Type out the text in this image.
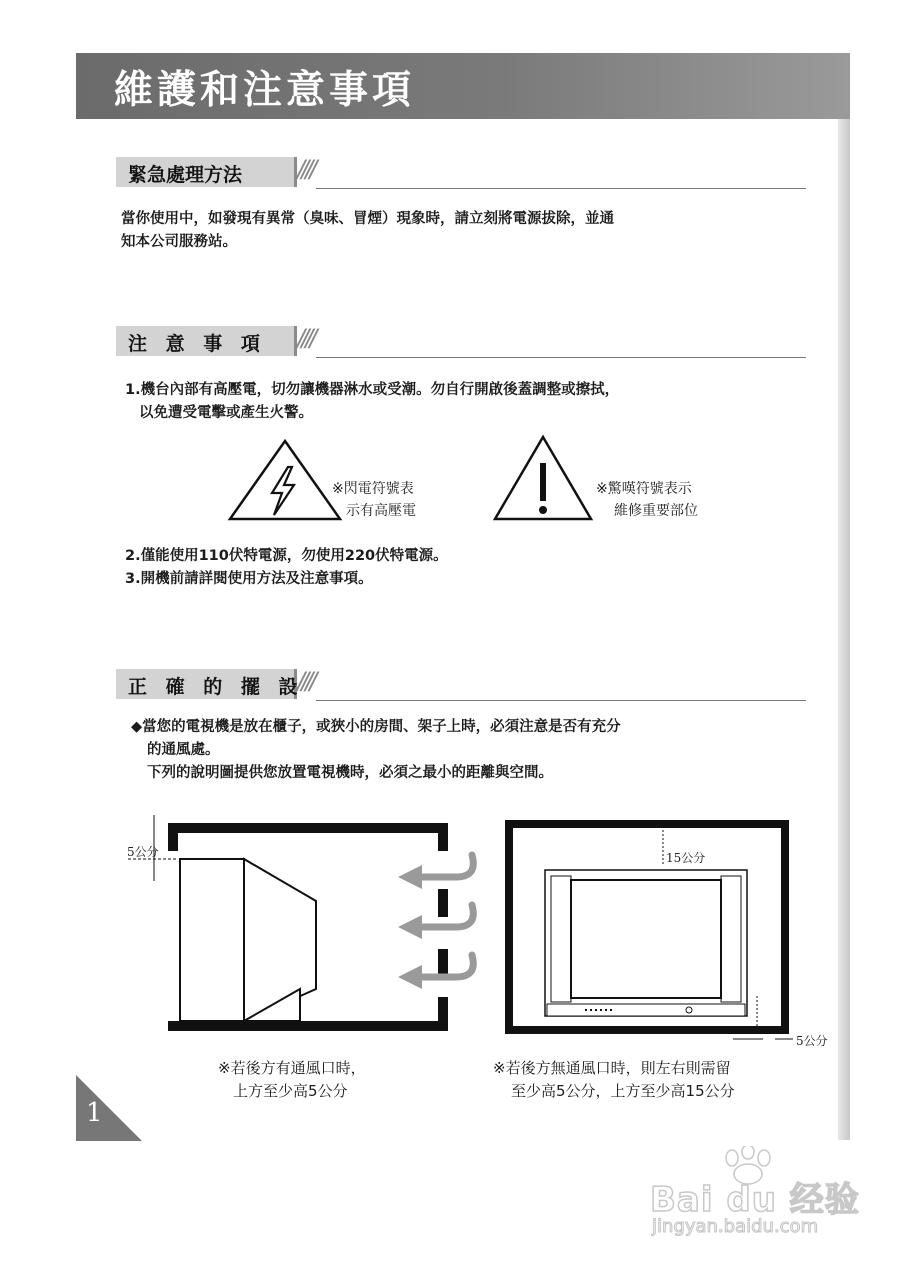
維護和注意事項
緊急處理方法 ////
當你使用中，如發現有異常（臭味、冒煙）現象時，請立刻將電源拔除，並通
知本公司服務站。
注 意 事 項 ////
1.機台內部有高壓電，切勿讓機器淋水或受潮。勿自行開啟後蓋調整或擦拭，
以免遭受電擊或產生火警。
※閃電符號表
示有高壓電
※驚嘆符號表示
維修重要部位
2.僅能使用110伏特電源，勿使用220伏特電源。
3.開機前請詳閱使用方法及注意事項。
正 確 的 擺 設
////
◆當您的電視機是放在櫃子，或狹小的房間、架子上時，必須注意是否有充分
的通風處。
下列的說明圖提供您放置電視機時，必須之最小的距離與空間。
5公分	15公分
5公分
※若後方有通風口時，
上方至少高5公分
※若後方無通風口時，則左右則需留
至少高5公分，上方至少高15公分
1
Bai du 经验
jingyan.baidu.com
